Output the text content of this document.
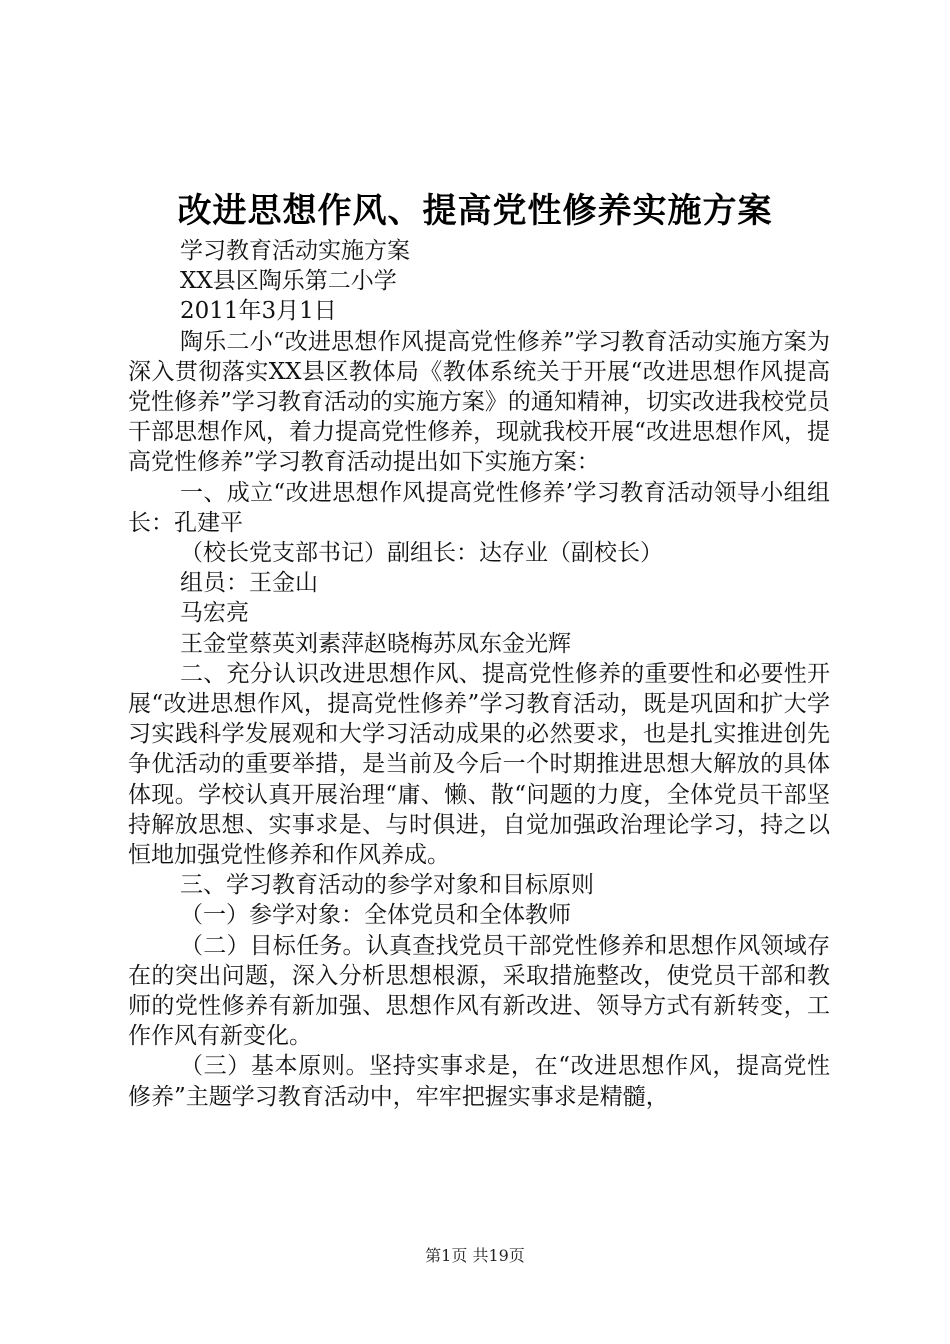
改进思想作风、提高党性修养实施方案

学习教育活动实施方案

XX县区陶乐第二小学

2011年3月1日

陶乐二小“改进思想作风提高党性修养”学习教育活动实施方案为深入贯彻落实XX县区教体局《教体系统关于开展“改进思想作风提高党性修养”学习教育活动的实施方案》的通知精神，切实改进我校党员干部思想作风，着力提高党性修养，现就我校开展“改进思想作风，提高党性修养”学习教育活动提出如下实施方案：

一、成立“改进思想作风提高党性修养’学习教育活动领导小组组长：孔建平

（校长党支部书记）副组长：达存业（副校长）

组员：王金山

马宏亮

王金堂蔡英刘素萍赵晓梅苏凤东金光辉

二、充分认识改进思想作风、提高党性修养的重要性和必要性开展“改进思想作风，提高党性修养”学习教育活动，既是巩固和扩大学习实践科学发展观和大学习活动成果的必然要求，也是扎实推进创先争优活动的重要举措，是当前及今后一个时期推进思想大解放的具体体现。学校认真开展治理“庸、懒、散“问题的力度，全体党员干部坚持解放思想、实事求是、与时俱进，自觉加强政治理论学习，持之以恒地加强党性修养和作风养成。

三、学习教育活动的参学对象和目标原则

（一）参学对象：全体党员和全体教师

（二）目标任务。认真查找党员干部党性修养和思想作风领域存在的突出问题，深入分析思想根源，采取措施整改，使党员干部和教师的党性修养有新加强、思想作风有新改进、领导方式有新转变，工作作风有新变化。

（三）基本原则。坚持实事求是，在“改进思想作风，提高党性修养”主题学习教育活动中，牢牢把握实事求是精髓，

第1页 共19页
